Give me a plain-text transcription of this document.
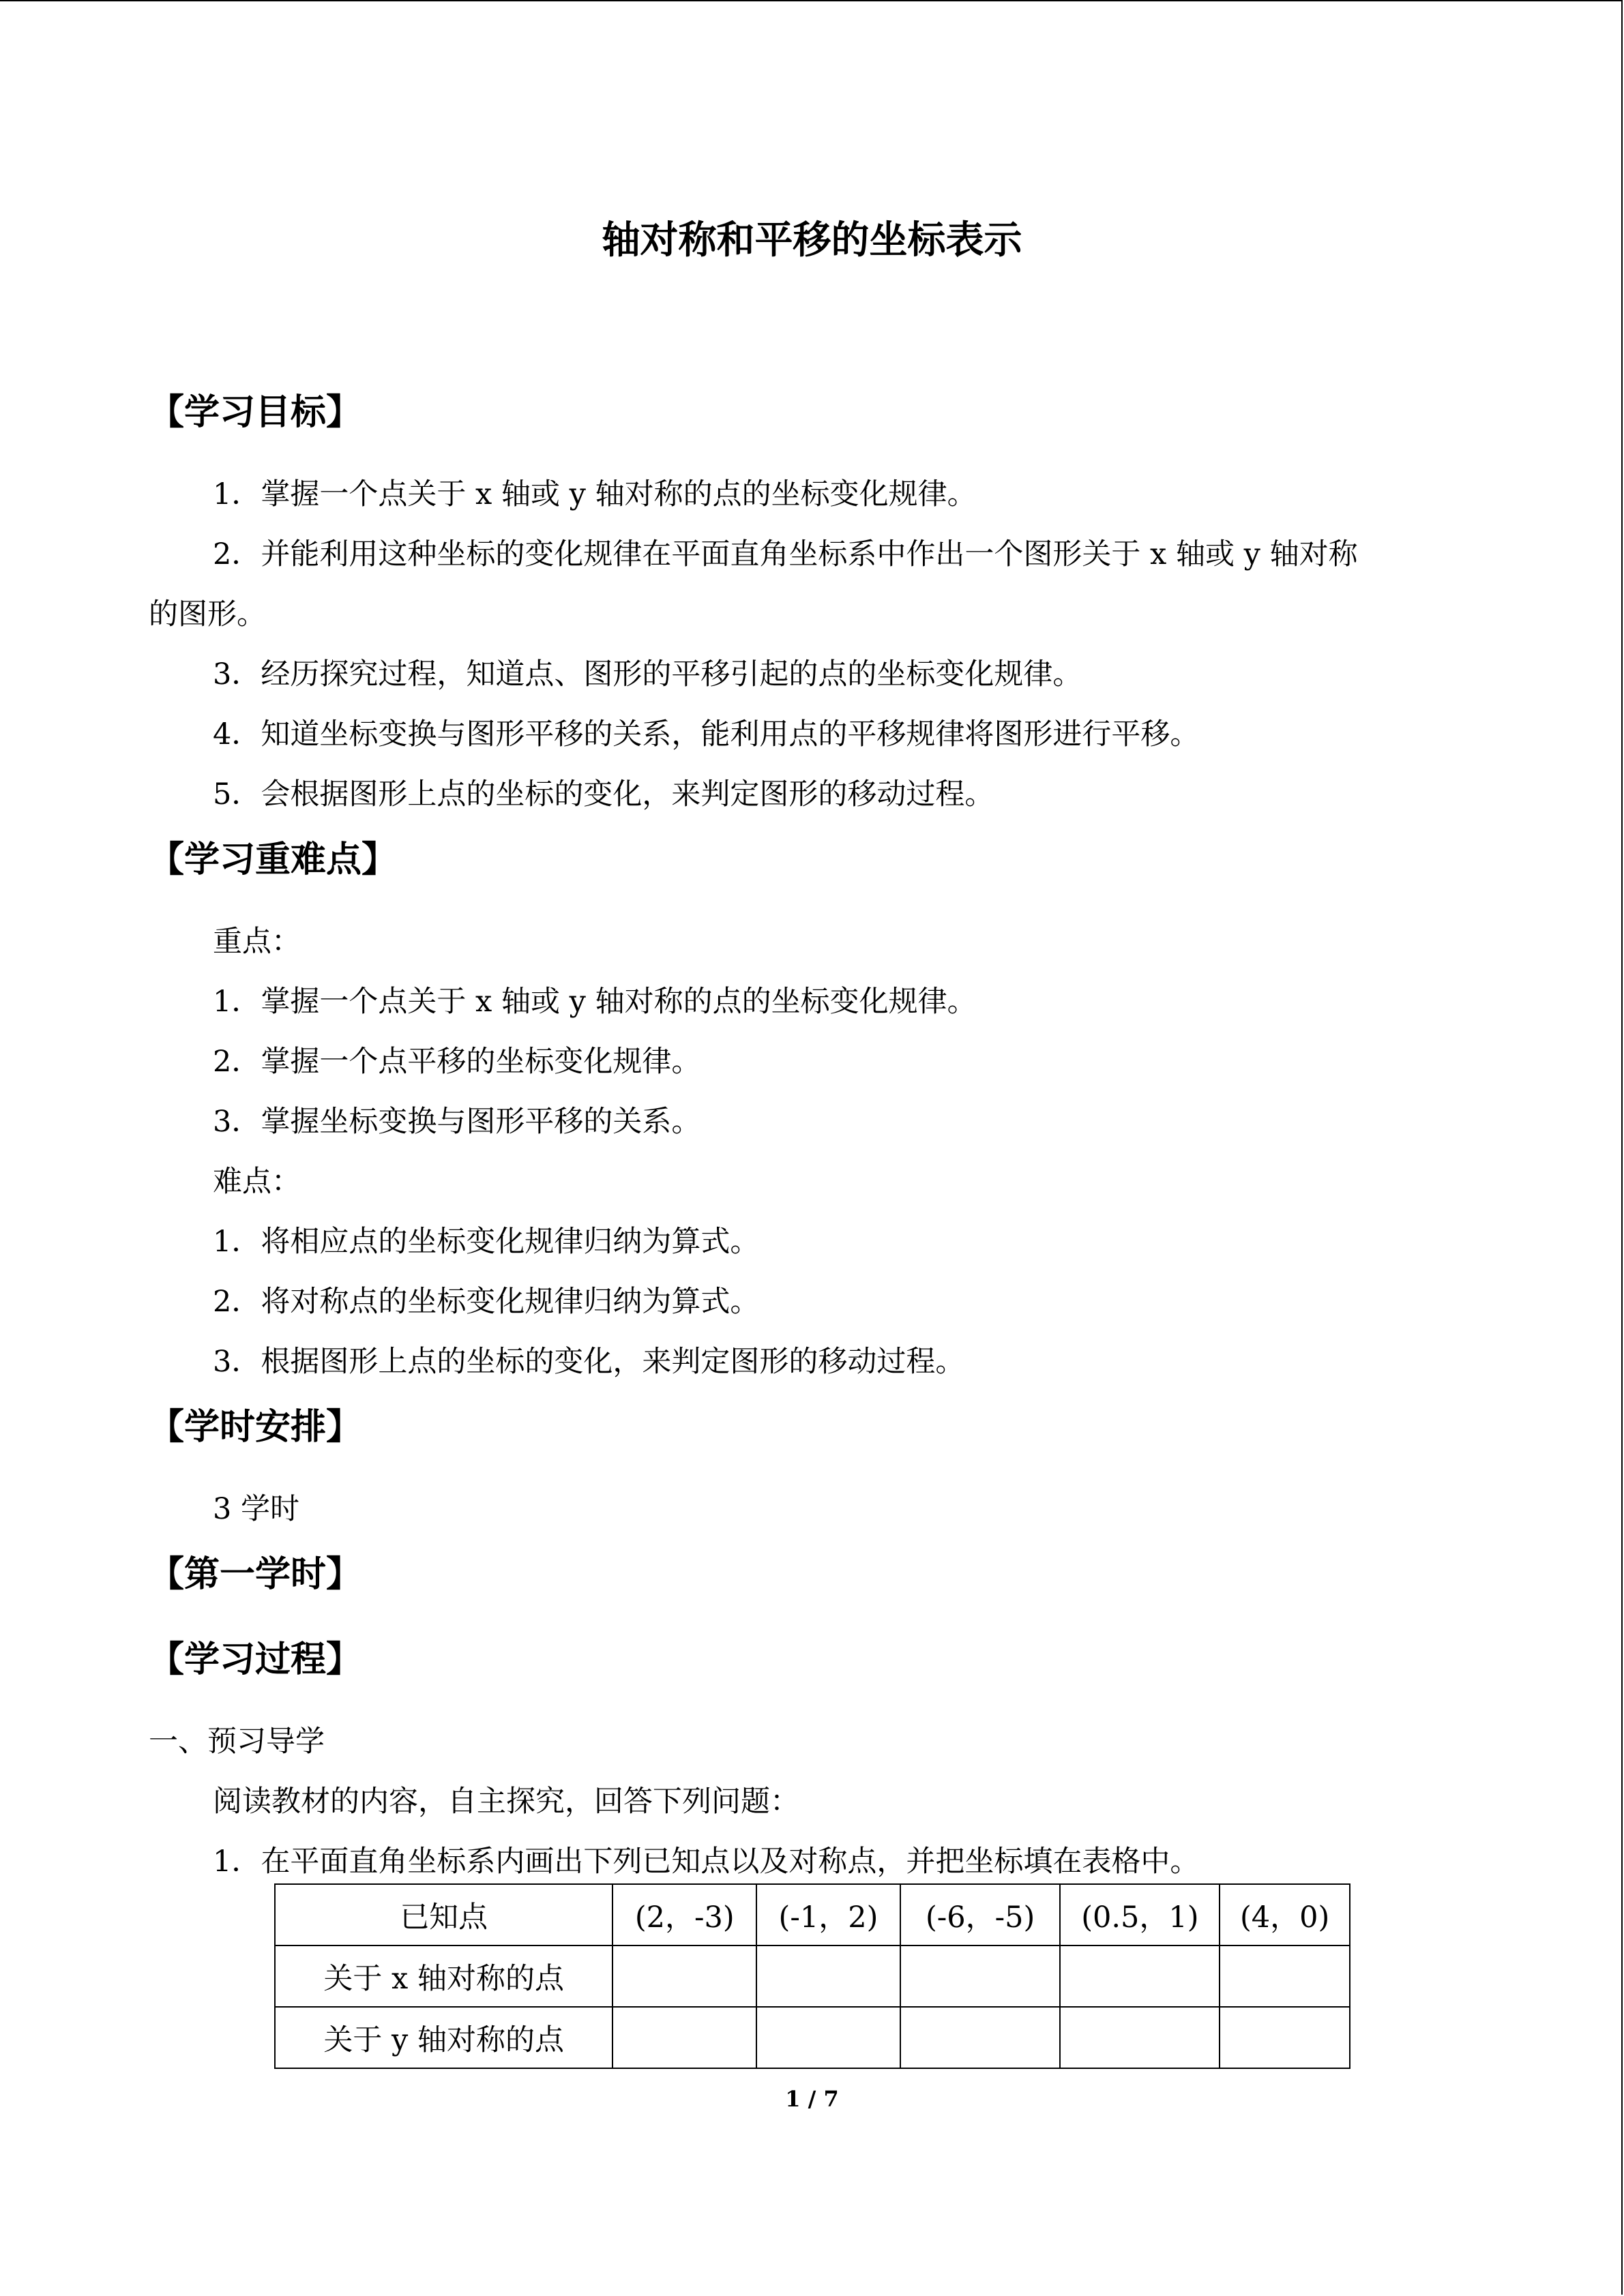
轴对称和平移的坐标表示
【学习目标】
1．掌握一个点关于 x 轴或 y 轴对称的点的坐标变化规律。
2．并能利用这种坐标的变化规律在平面直角坐标系中作出一个图形关于 x 轴或 y 轴对称
的图形。
3．经历探究过程，知道点、图形的平移引起的点的坐标变化规律。
4．知道坐标变换与图形平移的关系，能利用点的平移规律将图形进行平移。
5．会根据图形上点的坐标的变化，来判定图形的移动过程。
【学习重难点】
重点：
1．掌握一个点关于 x 轴或 y 轴对称的点的坐标变化规律。
2．掌握一个点平移的坐标变化规律。
3．掌握坐标变换与图形平移的关系。
难点：
1．将相应点的坐标变化规律归纳为算式。
2．将对称点的坐标变化规律归纳为算式。
3．根据图形上点的坐标的变化，来判定图形的移动过程。
【学时安排】
3 学时
【第一学时】
【学习过程】
一、预习导学
阅读教材的内容，自主探究，回答下列问题：
1．在平面直角坐标系内画出下列已知点以及对称点，并把坐标填在表格中。
已知点	(2，-3)	(-1，2)	(-6，-5)	(0.5，1)	(4，0)
关于 x 轴对称的点					
关于 y 轴对称的点					
1 / 7
